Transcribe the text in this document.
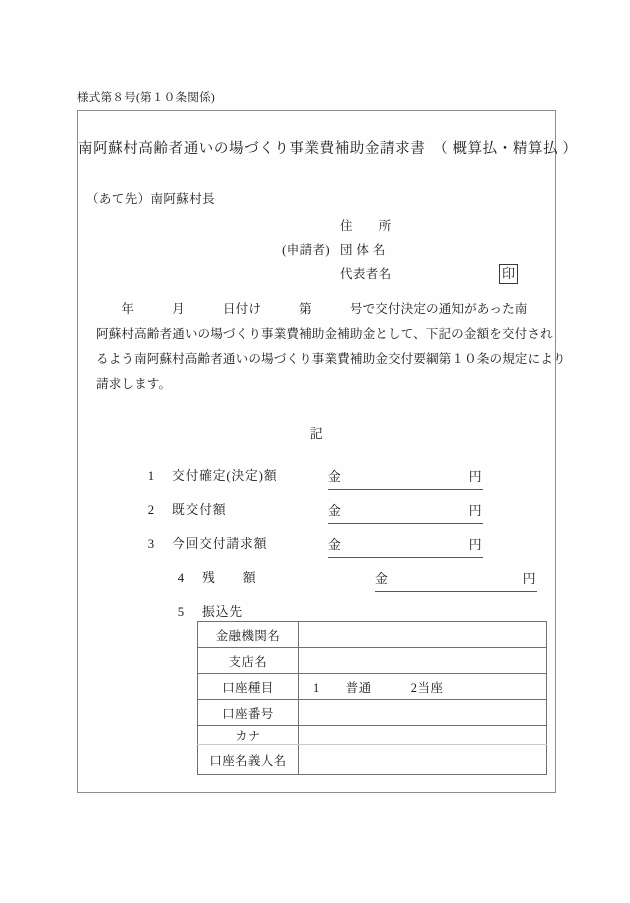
様式第８号(第１０条関係)
南阿蘇村高齢者通いの場づくり事業費補助金請求書　（ 概算払・精算払 ）
（あて先）南阿蘇村長
住　　所
(申請者) 団 体 名
代表者名	印
　　年　　　月　　　日付け　　　第　　　号で交付決定の通知があった南
阿蘇村高齢者通いの場づくり事業費補助金補助金として、下記の金額を交付され
るよう南阿蘇村高齢者通いの場づくり事業費補助金交付要綱第１０条の規定により
請求します。
記
1 交付確定(決定)額	金	円
2 既交付額	金	円
3 今回交付請求額	金	円
4 残　　額	金	円
5 振込先
金融機関名	
支店名	
口座種目	1　　普通　　　2当座
口座番号	
カナ	
口座名義人名	
